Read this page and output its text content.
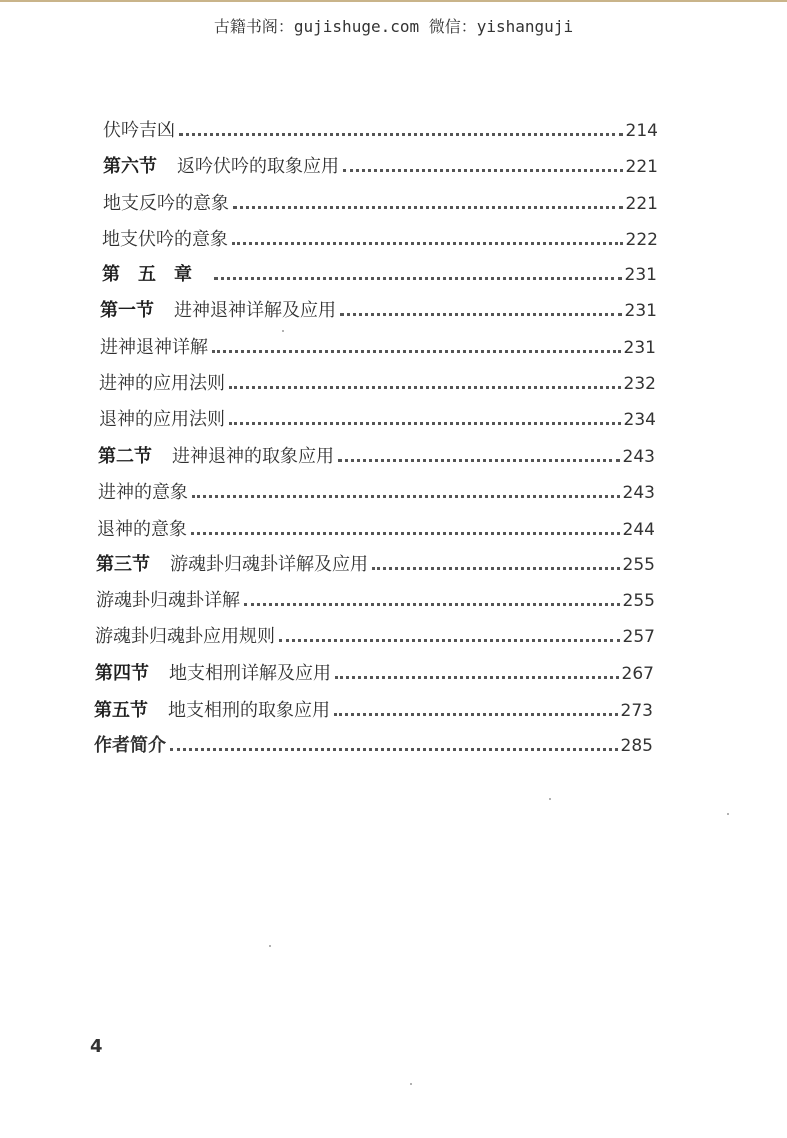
古籍书阁：gujishuge.com 微信：yishanguji
伏吟吉凶	214
第六节 返吟伏吟的取象应用	221
地支反吟的意象	221
地支伏吟的意象	222
第五章	231
第一节 进神退神详解及应用	231
进神退神详解	231
进神的应用法则	232
退神的应用法则	234
第二节 进神退神的取象应用	243
进神的意象	243
退神的意象	244
第三节 游魂卦归魂卦详解及应用	255
游魂卦归魂卦详解	255
游魂卦归魂卦应用规则	257
第四节 地支相刑详解及应用	267
第五节 地支相刑的取象应用	273
作者简介	285
4
